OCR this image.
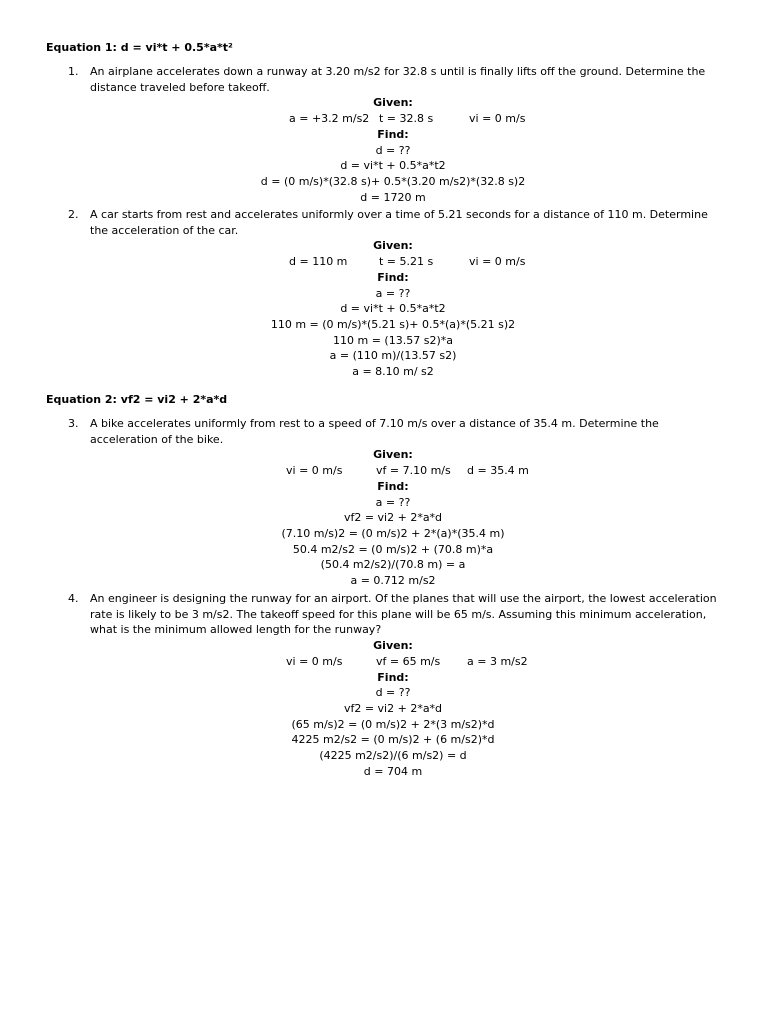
Equation 1: d = vi*t + 0.5*a*t²
1.	An airplane accelerates down a runway at 3.20 m/s2 for 32.8 s until is finally lifts off the ground. Determine the distance traveled before takeoff.
Given:
a = +3.2 m/s2 t = 32.8 s	vi = 0 m/s
Find:
d = ??
d = vi*t + 0.5*a*t2
d = (0 m/s)*(32.8 s)+ 0.5*(3.20 m/s2)*(32.8 s)2
d = 1720 m
2.	A car starts from rest and accelerates uniformly over a time of 5.21 seconds for a distance of 110 m. Determine the acceleration of the car.
Given:
d = 110 m	t = 5.21 s	vi = 0 m/s
Find:
a = ??
d = vi*t + 0.5*a*t2
110 m = (0 m/s)*(5.21 s)+ 0.5*(a)*(5.21 s)2
110 m = (13.57 s2)*a
a = (110 m)/(13.57 s2)
a = 8.10 m/ s2
Equation 2: vf2 = vi2 + 2*a*d
3.	A bike accelerates uniformly from rest to a speed of 7.10 m/s over a distance of 35.4 m. Determine the acceleration of the bike.
Given:
vi = 0 m/s	vf = 7.10 m/s d = 35.4 m
Find:
a = ??
vf2 = vi2 + 2*a*d
(7.10 m/s)2 = (0 m/s)2 + 2*(a)*(35.4 m)
50.4 m2/s2 = (0 m/s)2 + (70.8 m)*a
(50.4 m2/s2)/(70.8 m) = a
a = 0.712 m/s2
4.	An engineer is designing the runway for an airport. Of the planes that will use the airport, the lowest acceleration rate is likely to be 3 m/s2. The takeoff speed for this plane will be 65 m/s. Assuming this minimum acceleration, what is the minimum allowed length for the runway?
Given:
vi = 0 m/s	vf = 65 m/s a = 3 m/s2
Find:
d = ??
vf2 = vi2 + 2*a*d
(65 m/s)2 = (0 m/s)2 + 2*(3 m/s2)*d
4225 m2/s2 = (0 m/s)2 + (6 m/s2)*d
(4225 m2/s2)/(6 m/s2) = d
d = 704 m
